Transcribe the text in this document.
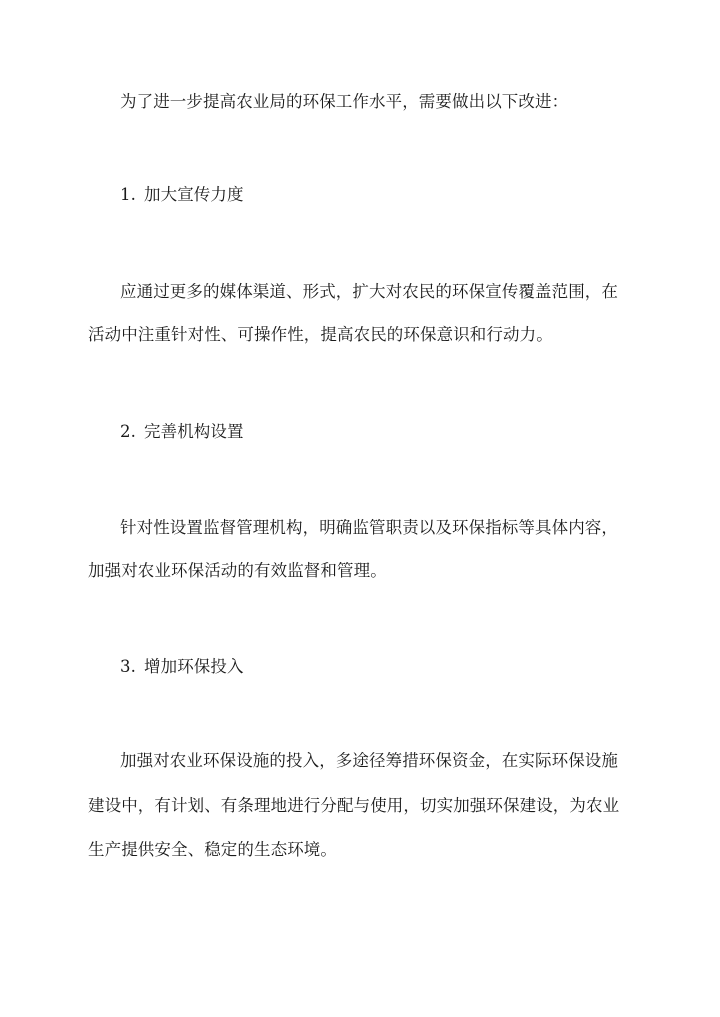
为了进一步提高农业局的环保工作水平，需要做出以下改进：

1. 加大宣传力度

应通过更多的媒体渠道、形式，扩大对农民的环保宣传覆盖范围，在

活动中注重针对性、可操作性，提高农民的环保意识和行动力。

2. 完善机构设置

针对性设置监督管理机构，明确监管职责以及环保指标等具体内容，

加强对农业环保活动的有效监督和管理。

3. 增加环保投入

加强对农业环保设施的投入，多途径筹措环保资金，在实际环保设施

建设中，有计划、有条理地进行分配与使用，切实加强环保建设，为农业

生产提供安全、稳定的生态环境。
